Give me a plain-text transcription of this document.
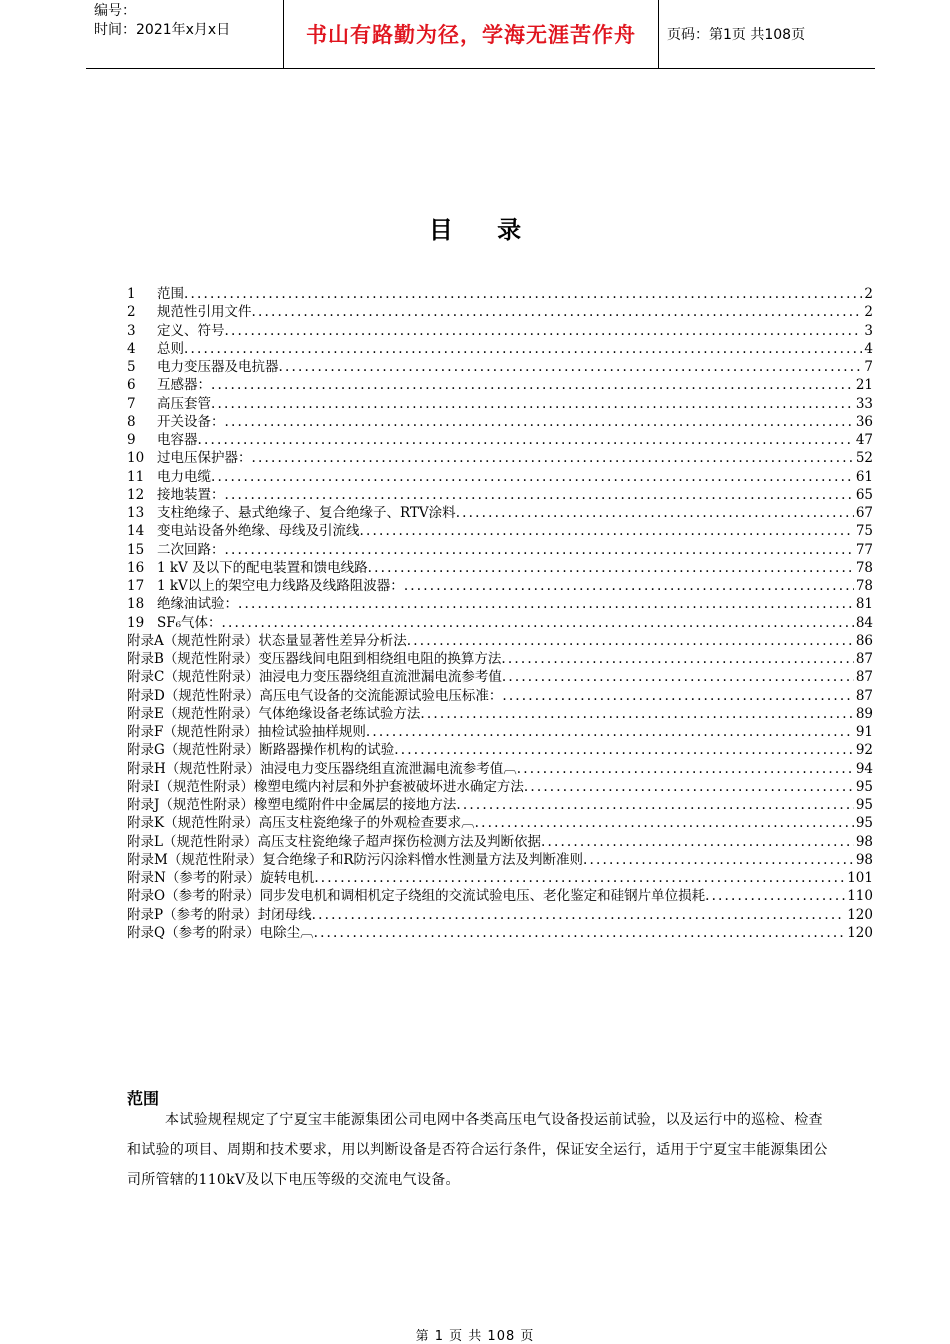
编号：
时间：2021年x月x日	书山有路勤为径，学海无涯苦作舟	页码：第1页 共108页
目 录
1	范围 .....	2
2	规范性引用文件 .....	2
3	定义、符号 .....	3
4	总则 .....	4
5	电力变压器及电抗器 .....	7
6	互感器： .....	21
7	高压套管 .....	33
8	开关设备： .....	36
9	电容器 .....	47
10 过电压保护器： .....	52
11 电力电缆 .....	61
12 接地装置： .....	65
13 支柱绝缘子、悬式绝缘子、复合绝缘子、RTV涂料 .....	67
14 变电站设备外绝缘、母线及引流线 .....	75
15 二次回路： .....	77
16 1 kV 及以下的配电装置和馈电线路 .....	78
17 1 kV以上的架空电力线路及线路阻波器： .....	78
18 绝缘油试验： .....	81
19 SF₆气体： .....	84
附录A （规范性附录）状态量显著性差异分析法 .....	86
附录B （规范性附录）变压器线间电阻到相绕组电阻的换算方法 .....	87
附录C （规范性附录）油浸电力变压器绕组直流泄漏电流参考值 .....	87
附录D （规范性附录）高压电气设备的交流能源试验电压标准： .....	87
附录E （规范性附录）气体绝缘设备老练试验方法 .....	89
附录F （规范性附录）抽检试验抽样规则 .....	91
附录G （规范性附录）断路器操作机构的试验 .....	92
附录H （规范性附录）油浸电力变压器绕组直流泄漏电流参考值︹ .....	94
附录I （规范性附录）橡塑电缆内衬层和外护套被破坏进水确定方法 .....	95
附录J （规范性附录）橡塑电缆附件中金属层的接地方法 .....	95
附录K （规范性附录）高压支柱瓷绝缘子的外观检查要求︹ .....	95
附录L （规范性附录）高压支柱瓷绝缘子超声探伤检测方法及判断依据 .....	98
附录M （规范性附录）复合绝缘子和R防污闪涂料憎水性测量方法及判断准则 .....	98
附录N （参考的附录）旋转电机 .....	101
附录O （参考的附录）同步发电机和调相机定子绕组的交流试验电压、老化鉴定和硅钢片单位损耗 .....	110
附录P （参考的附录）封闭母线 .....	120
附录Q （参考的附录）电除尘︹ .....	120
范围
本试验规程规定了宁夏宝丰能源集团公司电网中各类高压电气设备投运前试验，以及运行中的巡检、检查和试验的项目、周期和技术要求，用以判断设备是否符合运行条件，保证安全运行，适用于宁夏宝丰能源集团公司所管辖的110kV及以下电压等级的交流电气设备。
第 1 页 共 108 页
